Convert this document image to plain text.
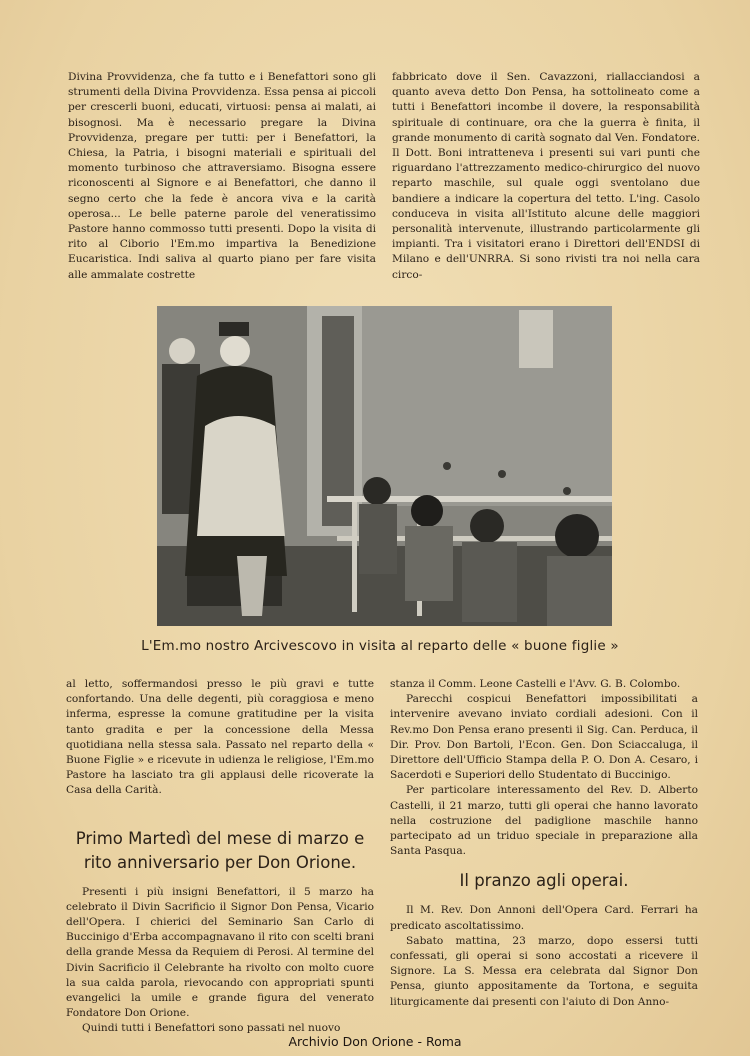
Divina Provvidenza, che fa tutto e i Benefattori sono gli strumenti della Divina Provvidenza. Essa pensa ai piccoli per crescerli buoni, educati, virtuosi: pensa ai malati, ai bisognosi. Ma è necessario pregare la Divina Provvidenza, pregare per tutti: per i Benefattori, la Chiesa, la Patria, i bisogni materiali e spirituali del momento turbinoso che attraversiamo. Bisogna essere riconoscenti al Signore e ai Benefattori, che danno il segno certo che la fede è ancora viva e la carità operosa... Le belle paterne parole del veneratissimo Pastore hanno commosso tutti presenti. Dopo la visita di rito al Ciborio l'Em.mo impartiva la Benedizione Eucaristica. Indi saliva al quarto piano per fare visita alle ammalate costrette

fabbricato dove il Sen. Cavazzoni, riallacciandosi a quanto aveva detto Don Pensa, ha sottolineato come a tutti i Benefattori incombe il dovere, la responsabilità spirituale di continuare, ora che la guerra è finita, il grande monumento di carità sognato dal Ven. Fondatore. Il Dott. Boni intratteneva i presenti sui vari punti che riguardano l'attrezzamento medico-chirurgico del nuovo reparto maschile, sul quale oggi sventolano due bandiere a indicare la copertura del tetto. L'ing. Casolo conduceva in visita all'Istituto alcune delle maggiori personalità intervenute, illustrando particolarmente gli impianti. Tra i visitatori erano i Direttori dell'ENDSI di Milano e dell'UNRRA. Si sono rivisti tra noi nella cara circo-

L'Em.mo nostro Arcivescovo in visita al reparto delle « buone figlie »

al letto, soffermandosi presso le più gravi e tutte confortando. Una delle degenti, più coraggiosa e meno inferma, espresse la comune gratitudine per la visita tanto gradita e per la concessione della Messa quotidiana nella stessa sala. Passato nel reparto della « Buone Figlie » e ricevute in udienza le religiose, l'Em.mo Pastore ha lasciato tra gli applausi delle ricoverate la Casa della Carità.

Primo Martedì del mese di marzo e
rito anniversario per Don Orione.

Presenti i più insigni Benefattori, il 5 marzo ha celebrato il Divin Sacrificio il Signor Don Pensa, Vicario dell'Opera. I chierici del Seminario San Carlo di Buccinigo d'Erba accompagnavano il rito con scelti brani della grande Messa da Requiem di Perosi. Al termine del Divin Sacrificio il Celebrante ha rivolto con molto cuore la sua calda parola, rievocando con appropriati spunti evangelici la umile e grande figura del venerato Fondatore Don Orione.

Quindi tutti i Benefattori sono passati nel nuovo

stanza il Comm. Leone Castelli e l'Avv. G. B. Colombo.

Parecchi cospicui Benefattori impossibilitati a intervenire avevano inviato cordiali adesioni. Con il Rev.mo Don Pensa erano presenti il Sig. Can. Perduca, il Dir. Prov. Don Bartoli, l'Econ. Gen. Don Sciaccaluga, il Direttore dell'Ufficio Stampa della P. O. Don A. Cesaro, i Sacerdoti e Superiori dello Studentato di Buccinigo.

Per particolare interessamento del Rev. D. Alberto Castelli, il 21 marzo, tutti gli operai che hanno lavorato nella costruzione del padiglione maschile hanno partecipato ad un triduo speciale in preparazione alla Santa Pasqua.

Il pranzo agli operai.

Il M. Rev. Don Annoni dell'Opera Card. Ferrari ha predicato ascoltatissimo.

Sabato mattina, 23 marzo, dopo essersi tutti confessati, gli operai si sono accostati a ricevere il Signore. La S. Messa era celebrata dal Signor Don Pensa, giunto appositamente da Tortona, e seguita liturgicamente dai presenti con l'aiuto di Don Anno-

Archivio Don Orione - Roma
